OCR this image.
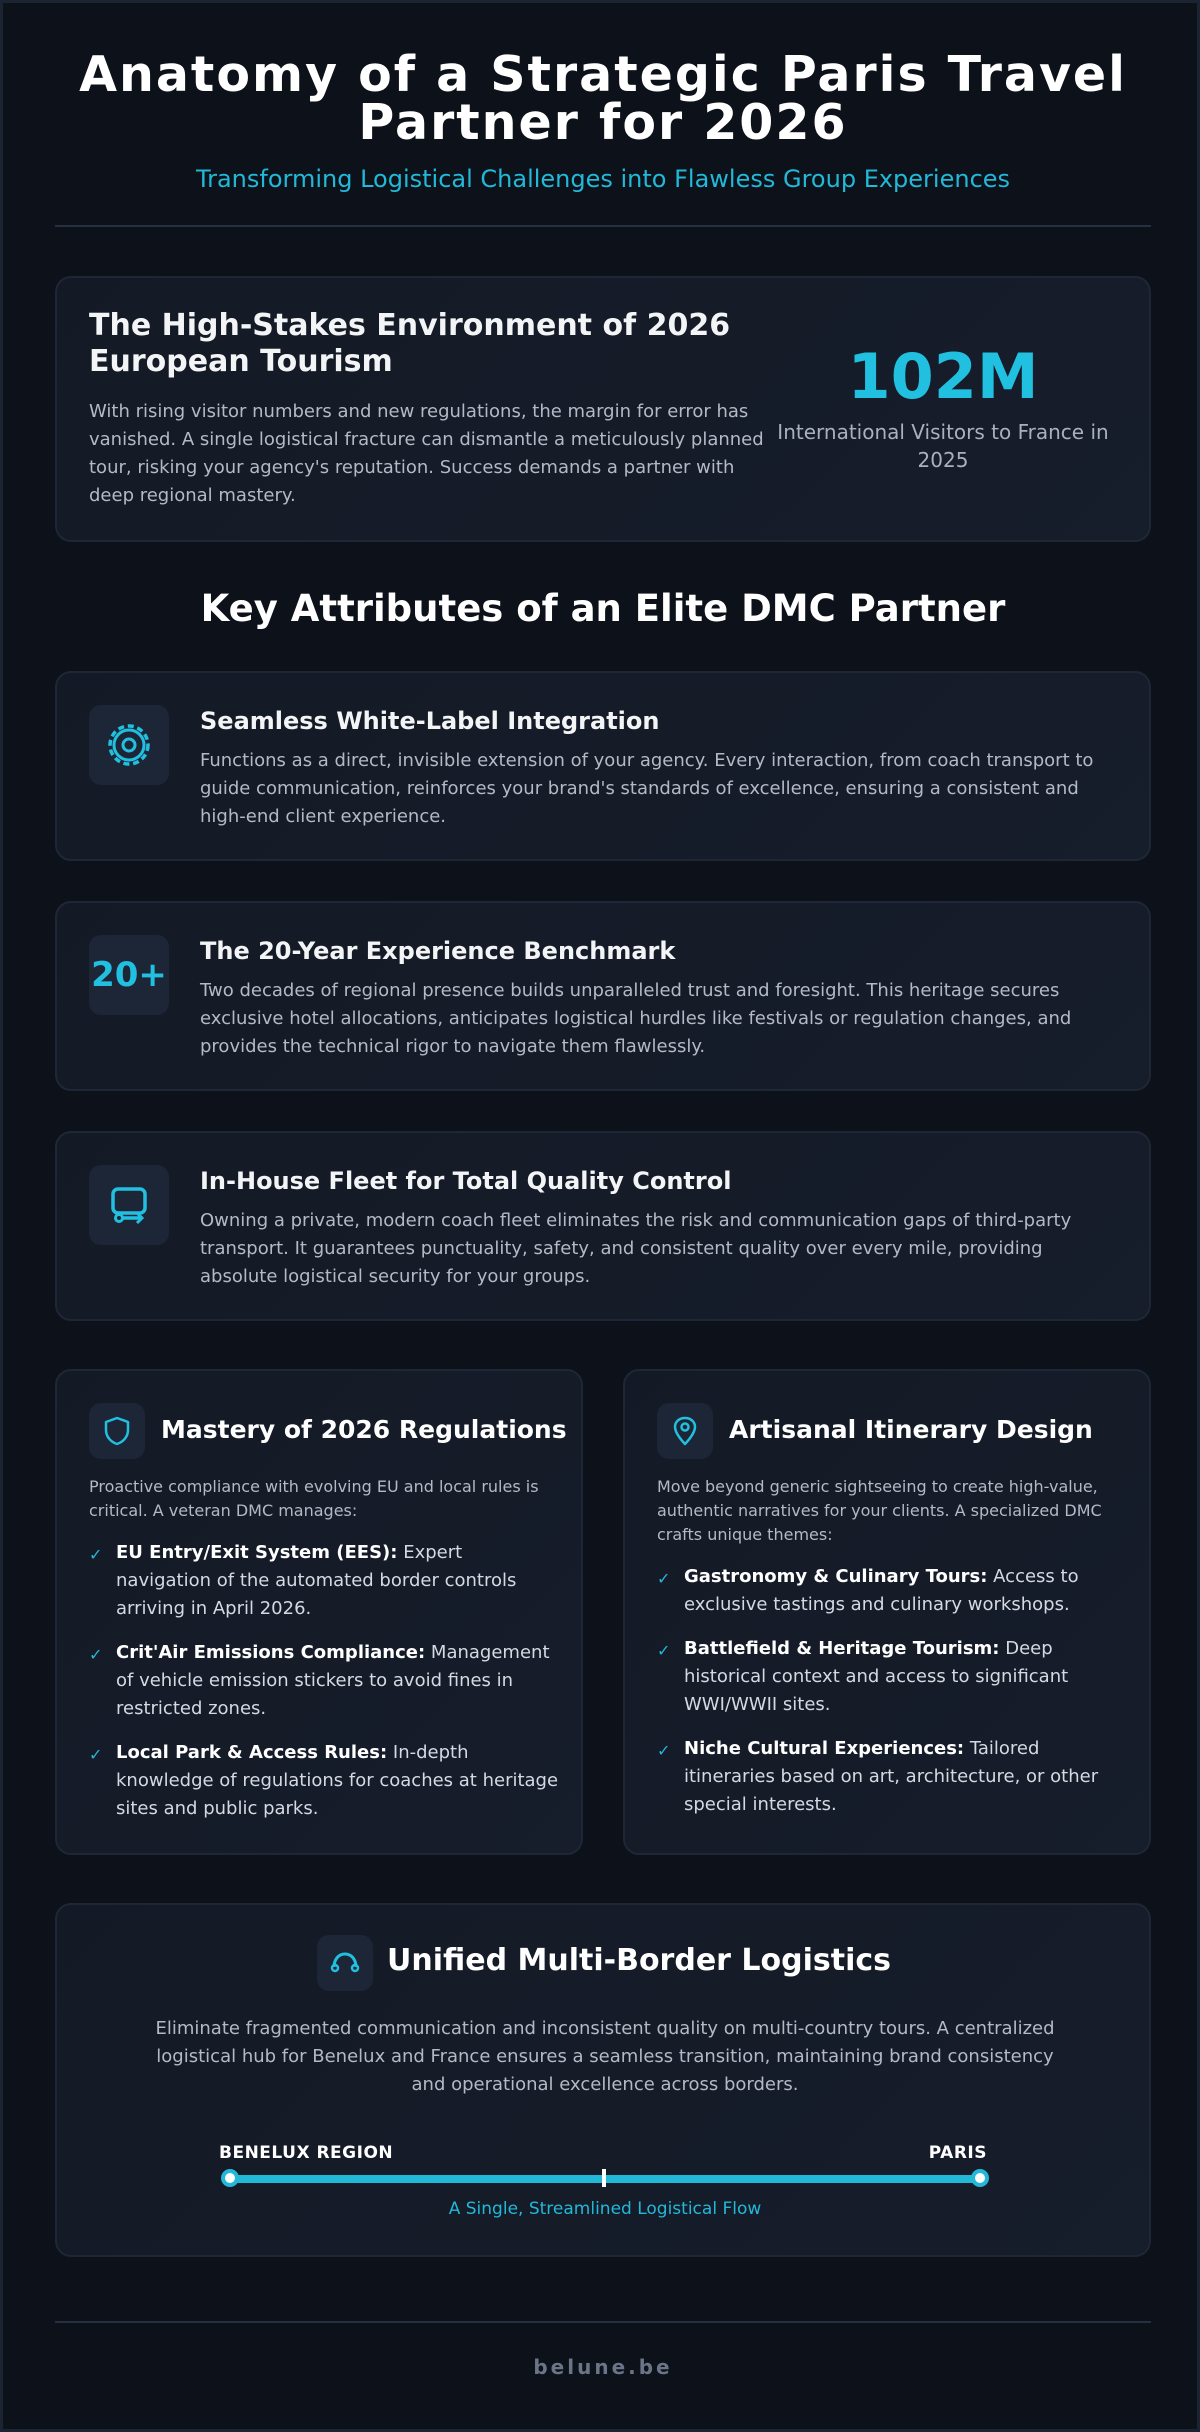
Anatomy of a Strategic Paris Travel Partner for 2026

Transforming Logistical Challenges into Flawless Group Experiences

The High-Stakes Environment of 2026 European Tourism

With rising visitor numbers and new regulations, the margin for error has vanished. A single logistical fracture can dismantle a meticulously planned tour, risking your agency's reputation. Success demands a partner with deep regional mastery.

102M
International Visitors to France in 2025
Key Attributes of an Elite DMC Partner
Seamless White-Label Integration

Functions as a direct, invisible extension of your agency. Every interaction, from coach transport to guide communication, reinforces your brand's standards of excellence, ensuring a consistent and high-end client experience.

20+
The 20-Year Experience Benchmark

Two decades of regional presence builds unparalleled trust and foresight. This heritage secures exclusive hotel allocations, anticipates logistical hurdles like festivals or regulation changes, and provides the technical rigor to navigate them flawlessly.

In-House Fleet for Total Quality Control

Owning a private, modern coach fleet eliminates the risk and communication gaps of third-party transport. It guarantees punctuality, safety, and consistent quality over every mile, providing absolute logistical security for your groups.

Mastery of 2026 Regulations

Proactive compliance with evolving EU and local rules is critical. A veteran DMC manages:

✓ EU Entry/Exit System (EES): Expert navigation of the automated border controls arriving in April 2026.
✓ Crit'Air Emissions Compliance: Management of vehicle emission stickers to avoid fines in restricted zones.
✓ Local Park & Access Rules: In-depth knowledge of regulations for coaches at heritage sites and public parks.
Artisanal Itinerary Design

Move beyond generic sightseeing to create high-value, authentic narratives for your clients. A specialized DMC crafts unique themes:

✓ Gastronomy & Culinary Tours: Access to exclusive tastings and culinary workshops.
✓ Battlefield & Heritage Tourism: Deep historical context and access to significant WWI/WWII sites.
✓ Niche Cultural Experiences: Tailored itineraries based on art, architecture, or other special interests.
Unified Multi-Border Logistics

Eliminate fragmented communication and inconsistent quality on multi-country tours. A centralized logistical hub for Benelux and France ensures a seamless transition, maintaining brand consistency and operational excellence across borders.

BENELUX REGION	PARIS
A Single, Streamlined Logistical Flow
belune.be
